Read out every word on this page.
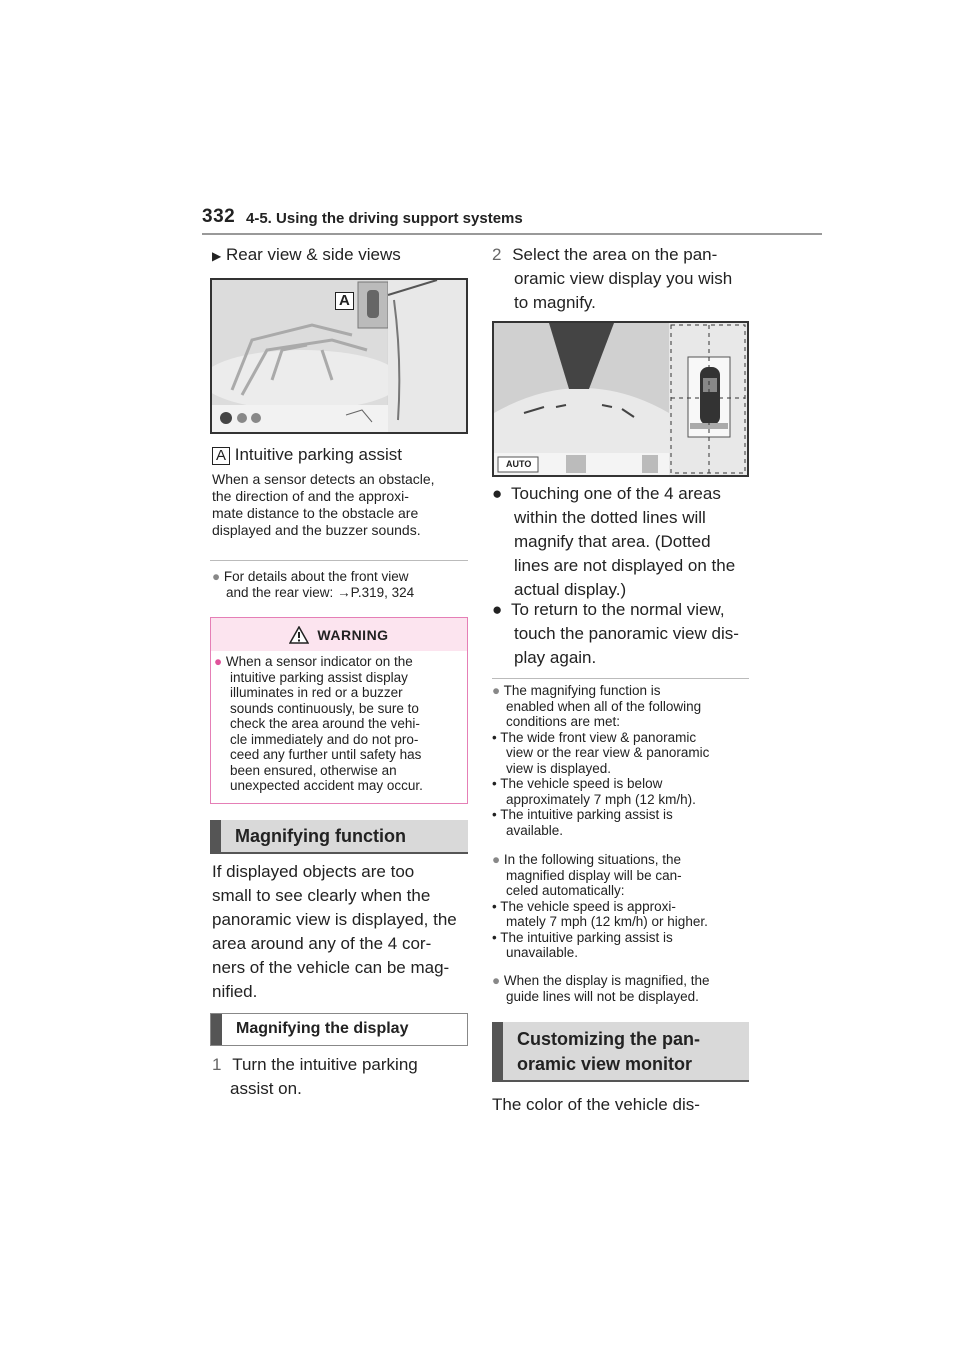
332 4-5. Using the driving support systems
▶ Rear view & side views
A
A Intuitive parking assist
When a sensor detects an obstacle,
the direction of and the approxi-
mate distance to the obstacle are
displayed and the buzzer sounds.
● For details about the front view
and the rear view: →P.319, 324
WARNING
● When a sensor indicator on the
intuitive parking assist display
illuminates in red or a buzzer
sounds continuously, be sure to
check the area around the vehi-
cle immediately and do not pro-
ceed any further until safety has
been ensured, otherwise an
unexpected accident may occur.
Magnifying function
If displayed objects are too
small to see clearly when the
panoramic view is displayed, the
area around any of the 4 cor-
ners of the vehicle can be mag-
nified.
Magnifying the display
1 Turn the intuitive parking
assist on.
2 Select the area on the pan-
oramic view display you wish
to magnify.
AUTO
● Touching one of the 4 areas
within the dotted lines will
magnify that area. (Dotted
lines are not displayed on the
actual display.)
● To return to the normal view,
touch the panoramic view dis-
play again.
● The magnifying function is
enabled when all of the following
conditions are met:
• The wide front view & panoramic
view or the rear view & panoramic
view is displayed.
• The vehicle speed is below
approximately 7 mph (12 km/h).
• The intuitive parking assist is
available.
● In the following situations, the
magnified display will be can-
celed automatically:
• The vehicle speed is approxi-
mately 7 mph (12 km/h) or higher.
• The intuitive parking assist is
unavailable.
● When the display is magnified, the
guide lines will not be displayed.
Customizing the pan-
oramic view monitor
The color of the vehicle dis-
